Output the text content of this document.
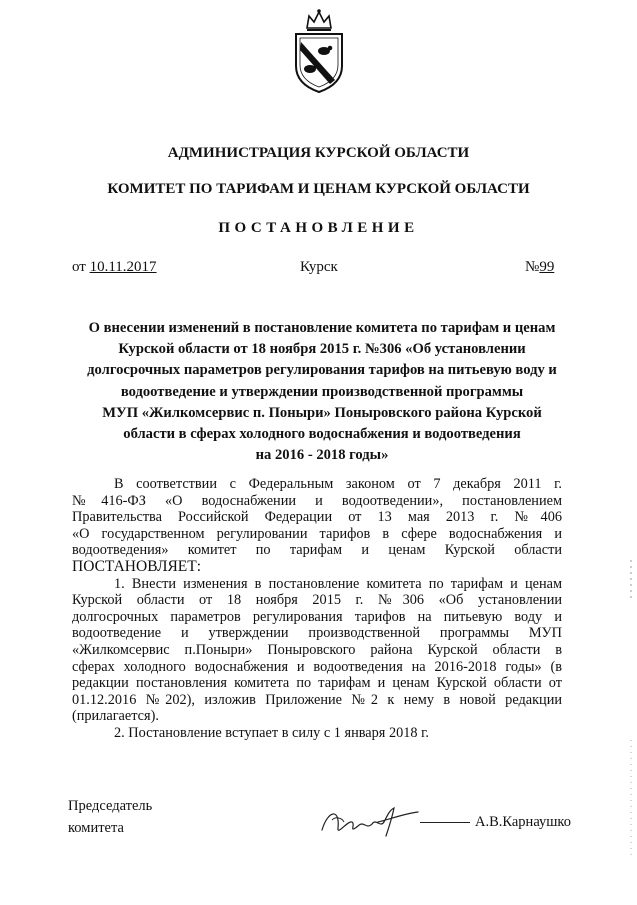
АДМИНИСТРАЦИЯ КУРСКОЙ ОБЛАСТИ
КОМИТЕТ ПО ТАРИФАМ И ЦЕНАМ КУРСКОЙ ОБЛАСТИ
ПОСТАНОВЛЕНИЕ
от 10.11.2017	Курск	№99
О внесении изменений в постановление комитета по тарифам и ценам
Курской области от 18 ноября 2015 г. №306 «Об установлении
долгосрочных параметров регулирования тарифов на питьевую воду и
водоотведение и утверждении производственной программы
МУП «Жилкомсервис п. Поныри» Поныровского района Курской
области в сферах холодного водоснабжения и водоотведения
на 2016 - 2018 годы»
В соответствии с Федеральным законом от 7 декабря 2011 г.
№416-ФЗ «О водоснабжении и водоотведении», постановлением
Правительства Российской Федерации от 13 мая 2013 г. №406
«О государственном регулировании тарифов в сфере водоснабжения и
водоотведения» комитет по тарифам и ценам Курской области
ПОСТАНОВЛЯЕТ:
1. Внести изменения в постановление комитета по тарифам и ценам
Курской области от 18 ноября 2015 г. №306 «Об установлении
долгосрочных параметров регулирования тарифов на питьевую воду и
водоотведение и утверждении производственной программы МУП
«Жилкомсервис п.Поныри» Поныровского района Курской области в
сферах холодного водоснабжения и водоотведения на 2016-2018 годы» (в
редакции постановления комитета по тарифам и ценам Курской области от
01.12.2016 №202), изложив Приложение №2 к нему в новой редакции
(прилагается).
2. Постановление вступает в силу с 1 января 2018 г.
Председатель
комитета	А.В.Карнаушко
